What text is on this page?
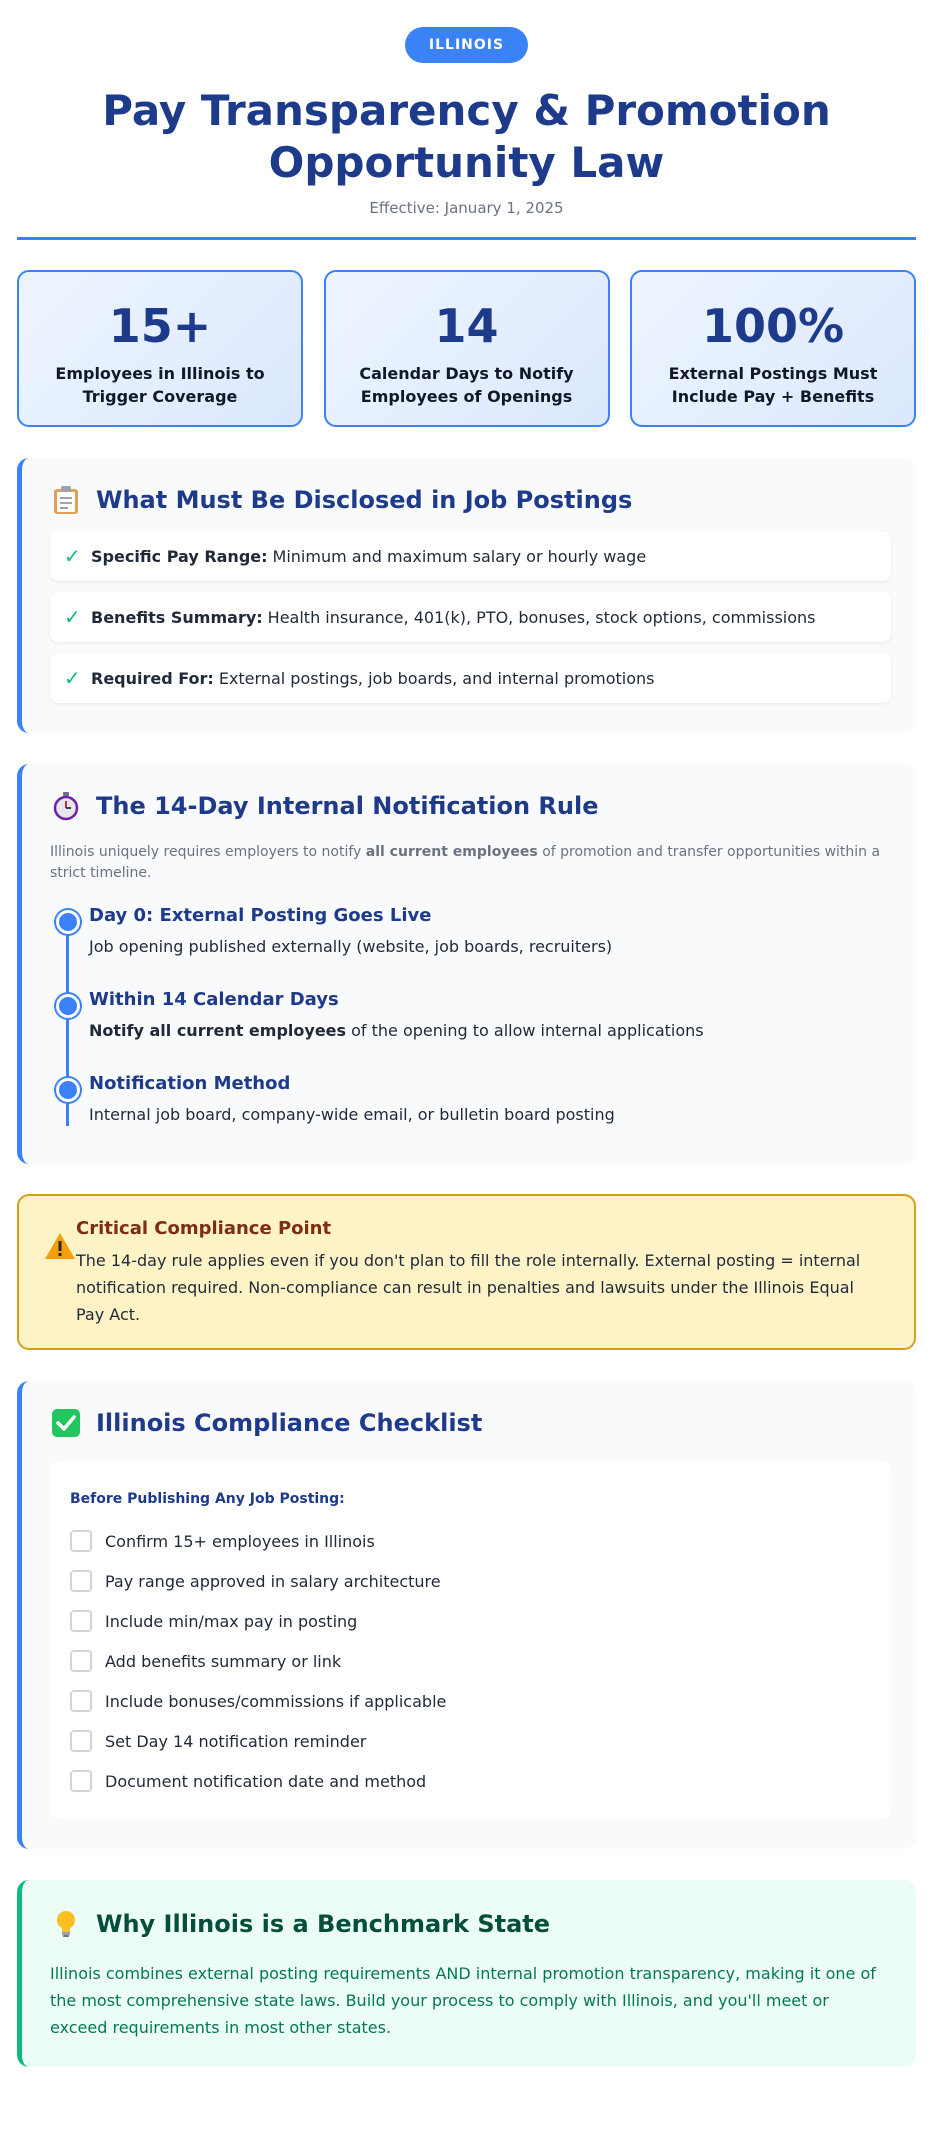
ILLINOIS
Pay Transparency & Promotion Opportunity Law
Effective: January 1, 2025
15+
Employees in Illinois to Trigger Coverage
14
Calendar Days to Notify Employees of Openings
100%
External Postings Must Include Pay + Benefits
What Must Be Disclosed in Job Postings
✓ Specific Pay Range: Minimum and maximum salary or hourly wage
✓ Benefits Summary: Health insurance, 401(k), PTO, bonuses, stock options, commissions
✓ Required For: External postings, job boards, and internal promotions
The 14-Day Internal Notification Rule

Illinois uniquely requires employers to notify all current employees of promotion and transfer opportunities within a strict timeline.

Day 0: External Posting Goes Live
Job opening published externally (website, job boards, recruiters)
Within 14 Calendar Days
Notify all current employees of the opening to allow internal applications
Notification Method
Internal job board, company-wide email, or bulletin board posting
Critical Compliance Point
The 14-day rule applies even if you don't plan to fill the role internally. External posting = internal notification required. Non-compliance can result in penalties and lawsuits under the Illinois Equal Pay Act.
Illinois Compliance Checklist
Before Publishing Any Job Posting:
Confirm 15+ employees in Illinois
Pay range approved in salary architecture
Include min/max pay in posting
Add benefits summary or link
Include bonuses/commissions if applicable
Set Day 14 notification reminder
Document notification date and method
Why Illinois is a Benchmark State

Illinois combines external posting requirements AND internal promotion transparency, making it one of the most comprehensive state laws. Build your process to comply with Illinois, and you'll meet or exceed requirements in most other states.
